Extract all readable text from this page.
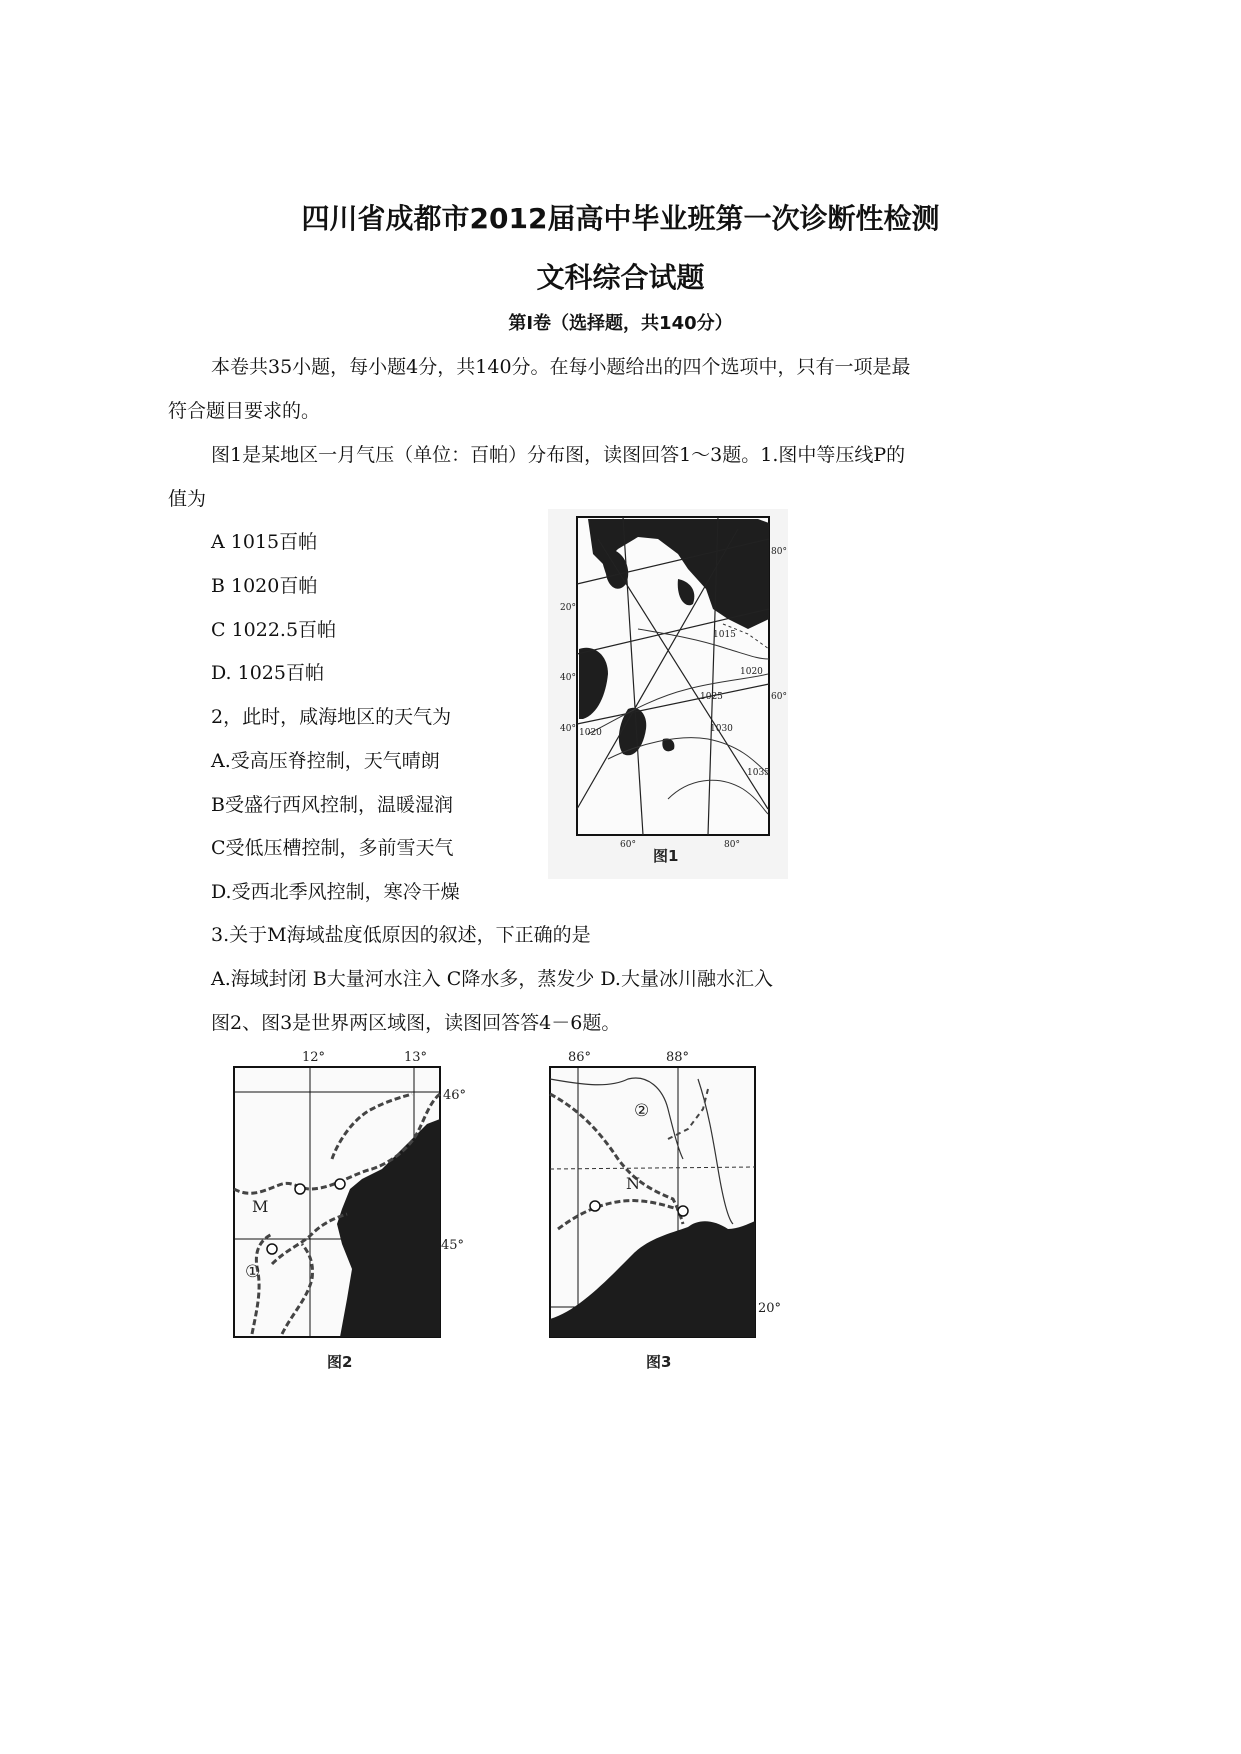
四川省成都市2012届高中毕业班第一次诊断性检测
文科综合试题
第Ⅰ卷（选择题，共140分）
本卷共35小题，每小题4分，共140分。在每小题给出的四个选项中，只有一项是最
符合题目要求的。
图1是某地区一月气压（单位：百帕）分布图，读图回答1～3题。1.图中等压线P的
值为
A 1015百帕
B 1020百帕
C 1022.5百帕
D. 1025百帕
2，此时，咸海地区的天气为
A.受高压脊控制，天气晴朗
B受盛行西风控制，温暖湿润
C受低压槽控制，多前雪天气
D.受西北季风控制，寒冷干燥
3.关于M海域盐度低原因的叙述，下正确的是
A.海域封闭 B大量河水注入 C降水多，蒸发少 D.大量冰川融水汇入
图2、图3是世界两区域图，读图回答答4－6题。
80°
20°
40°
40°
60°
60°	80°
1015
1020
1020
1025
1030
1035
图1
12°	13°
46°
45°
M
①
图2
86°	88°
20°
N
②
图3
